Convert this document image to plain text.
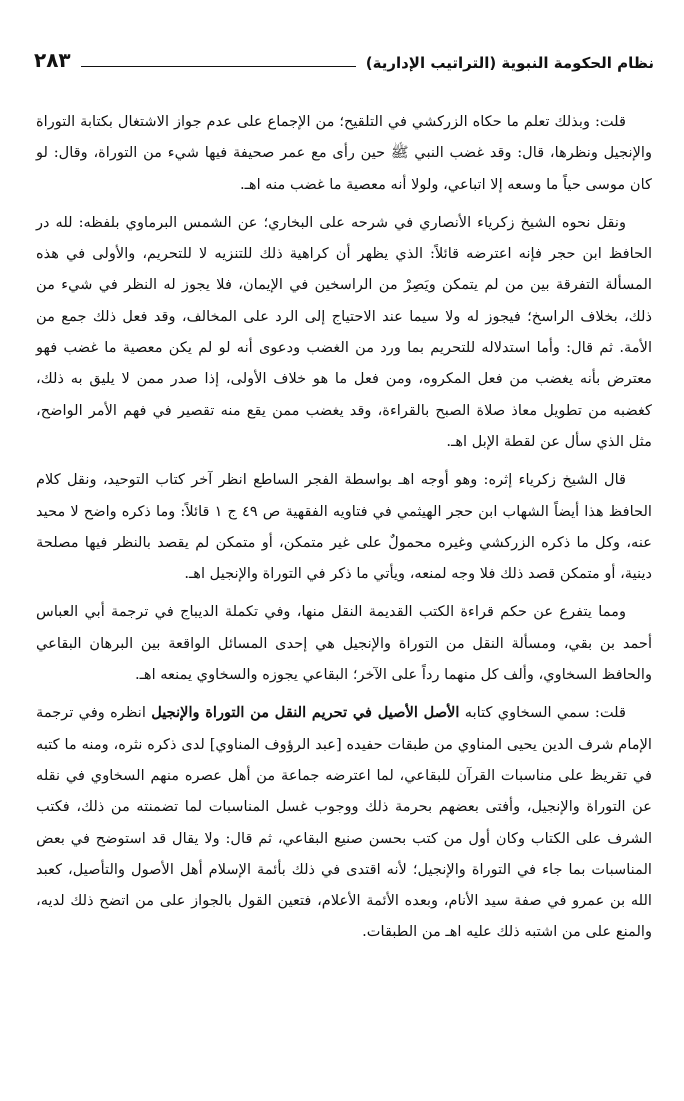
نظام الحكومة النبوية (التراتيب الإدارية)
٢٨٣

قلت: وبذلك تعلم ما حكاه الزركشي في التلقيح؛ من الإجماع على عدم جواز الاشتغال بكتابة التوراة والإنجيل ونظرها، قال: وقد غضب النبي ﷺ حين رأى مع عمر صحيفة فيها شيء من التوراة، وقال: لو كان موسى حياً ما وسعه إلا اتباعي، ولولا أنه معصية ما غضب منه اهـ.

ونقل نحوه الشيخ زكرياء الأنصاري في شرحه على البخاري؛ عن الشمس البرماوي بلفظه: لله در الحافظ ابن حجر فإنه اعترضه قائلاً: الذي يظهر أن كراهية ذلك للتنزيه لا للتحريم، والأولى في هذه المسألة التفرقة بين من لم يتمكن ويَصِرْ من الراسخين في الإيمان، فلا يجوز له النظر في شيء من ذلك، بخلاف الراسخ؛ فيجوز له ولا سيما عند الاحتياج إلى الرد على المخالف، وقد فعل ذلك جمع من الأمة. ثم قال: وأما استدلاله للتحريم بما ورد من الغضب ودعوى أنه لو لم يكن معصية ما غضب فهو معترض بأنه يغضب من فعل المكروه، ومن فعل ما هو خلاف الأولى، إذا صدر ممن لا يليق به ذلك، كغضبه من تطويل معاذ صلاة الصبح بالقراءة، وقد يغضب ممن يقع منه تقصير في فهم الأمر الواضح، مثل الذي سأل عن لقطة الإبل اهـ.

قال الشيخ زكرياء إثره: وهو أوجه اهـ بواسطة الفجر الساطع انظر آخر كتاب التوحيد، ونقل كلام الحافظ هذا أيضاً الشهاب ابن حجر الهيثمي في فتاويه الفقهية ص ٤٩ ج ١ قائلاً: وما ذكره واضح لا محيد عنه، وكل ما ذكره الزركشي وغيره محمولٌ على غير متمكن، أو متمكن لم يقصد بالنظر فيها مصلحة دينية، أو متمكن قصد ذلك فلا وجه لمنعه، ويأتي ما ذكر في التوراة والإنجيل اهـ.

ومما يتفرع عن حكم قراءة الكتب القديمة النقل منها، وفي تكملة الديباج في ترجمة أبي العباس أحمد بن بقي، ومسألة النقل من التوراة والإنجيل هي إحدى المسائل الواقعة بين البرهان البقاعي والحافظ السخاوي، وألف كل منهما رداً على الآخر؛ البقاعي يجوزه والسخاوي يمنعه اهـ.

قلت: سمي السخاوي كتابه الأصل الأصيل في تحريم النقل من التوراة والإنجيل انظره وفي ترجمة الإمام شرف الدين يحيى المناوي من طبقات حفيده [عبد الرؤوف المناوي] لدى ذكره نثره، ومنه ما كتبه في تقريظ على مناسبات القرآن للبقاعي، لما اعترضه جماعة من أهل عصره منهم السخاوي في نقله عن التوراة والإنجيل، وأفتى بعضهم بحرمة ذلك ووجوب غسل المناسبات لما تضمنته من ذلك، فكتب الشرف على الكتاب وكان أول من كتب بحسن صنيع البقاعي، ثم قال: ولا يقال قد استوضح في بعض المناسبات بما جاء في التوراة والإنجيل؛ لأنه اقتدى في ذلك بأئمة الإسلام أهل الأصول والتأصيل، كعبد الله بن عمرو في صفة سيد الأنام، وبعده الأئمة الأعلام، فتعين القول بالجواز على من اتضح ذلك لديه، والمنع على من اشتبه ذلك عليه اهـ من الطبقات.
